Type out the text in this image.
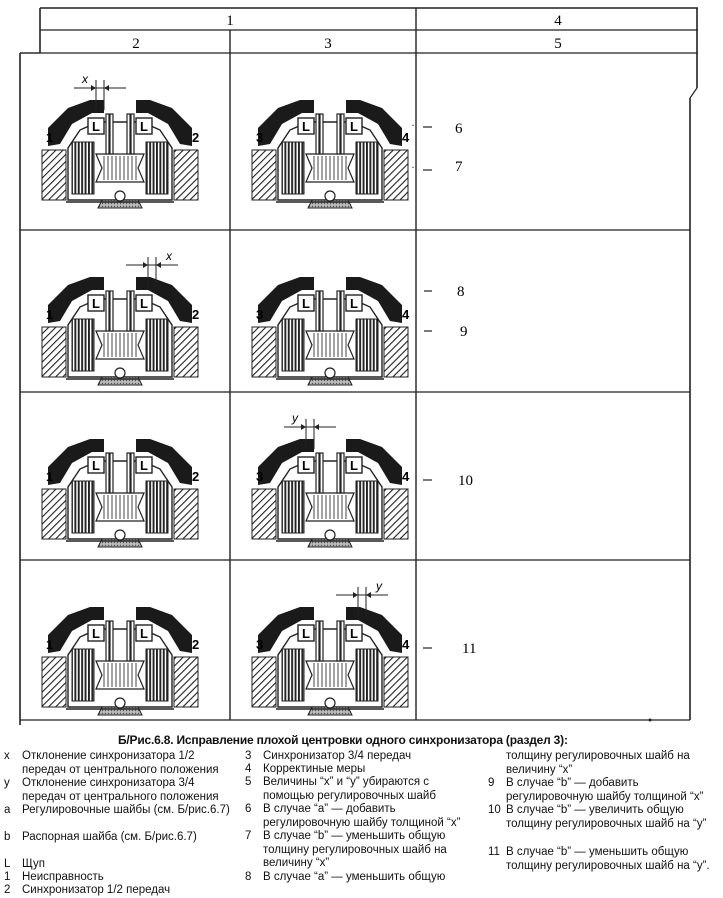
1	4
2	3	5
·
·
6
7
8
9
10
11
L	L
1	2
x
L	L
3	4
L	L
1	2
x
L	L
3	4
L	L
1	2
L	L
3	4
y
L	L
1	2
L	L
3	4
y
Б/Рис.6.8. Исправление плохой центровки одного синхронизатора (раздел 3):
x	Отклонение синхронизатора 1/2 передач от центрального положения
y	Отклонение синхронизатора 3/4 передач от центрального положения
a	Регулировочные шайбы (см. Б/рис.6.7)
b	Распорная шайба (см. Б/рис.6.7)
L	Щуп
1	Неисправность
2	Синхронизатор 1/2 передач
3	Синхронизатор 3/4 передач
4	Корректиные меры
5	Величины “x” и “y” убираются с помощью регулировочных шайб
6	В случае “a” — добавить регулировочную шайбу толщиной “x”
7	В случае “b” — уменьшить общую толщину регулировочных шайб на величину “x”
8	В случае “a” — уменьшить общую
толщину регулировочных шайб на величину “x”
9	В случае “b” — добавить регулировочную шайбу толщиной “x”
10 В случае “b” — увеличить общую толщину регулировочных шайб на “y”
11 В случае “b” — уменьшить общую толщину регулировочных шайб на “y”.
